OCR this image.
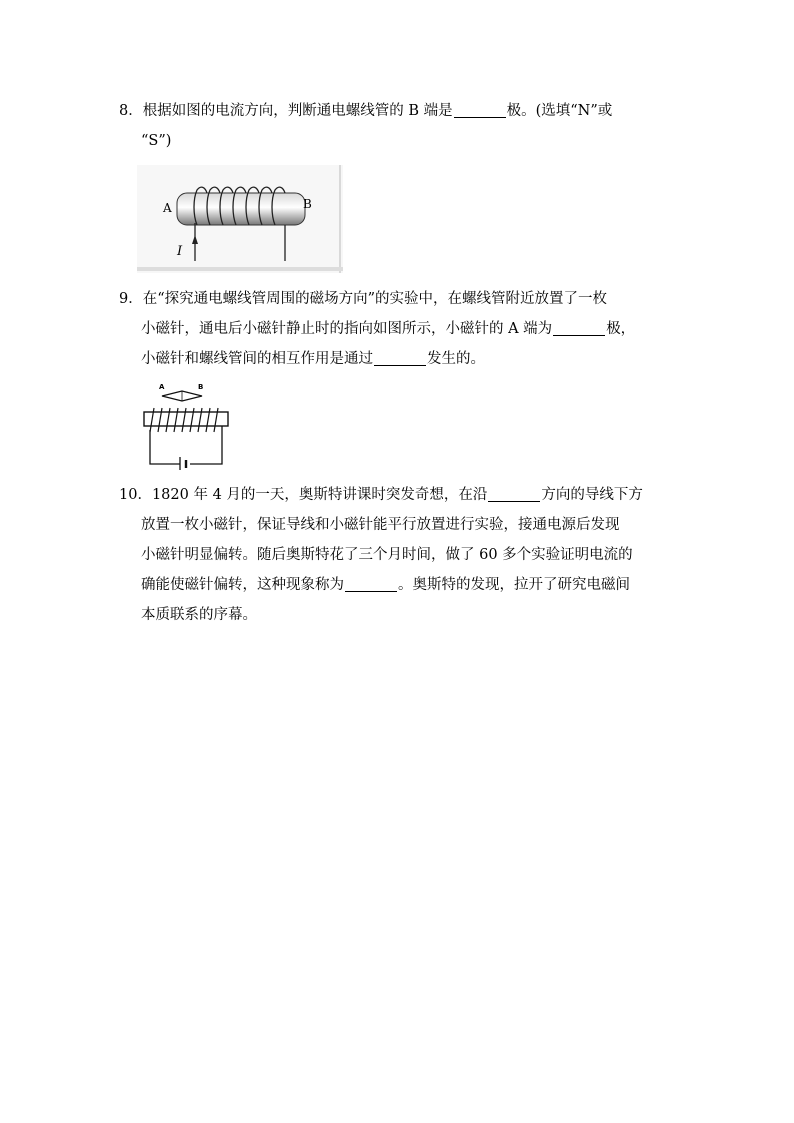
8．根据如图的电流方向，判断通电螺线管的 B 端是	极。(选填“N”或
“S”)
A	B
I
9．在“探究通电螺线管周围的磁场方向”的实验中，在螺线管附近放置了一枚
小磁针，通电后小磁针静止时的指向如图所示，小磁针的 A 端为	极，
小磁针和螺线管间的相互作用是通过	发生的。
A	B
10．1820 年 4 月的一天，奥斯特讲课时突发奇想，在沿	方向的导线下方
放置一枚小磁针，保证导线和小磁针能平行放置进行实验，接通电源后发现
小磁针明显偏转。随后奥斯特花了三个月时间，做了 60 多个实验证明电流的
确能使磁针偏转，这种现象称为	。奥斯特的发现，拉开了研究电磁间
本质联系的序幕。
